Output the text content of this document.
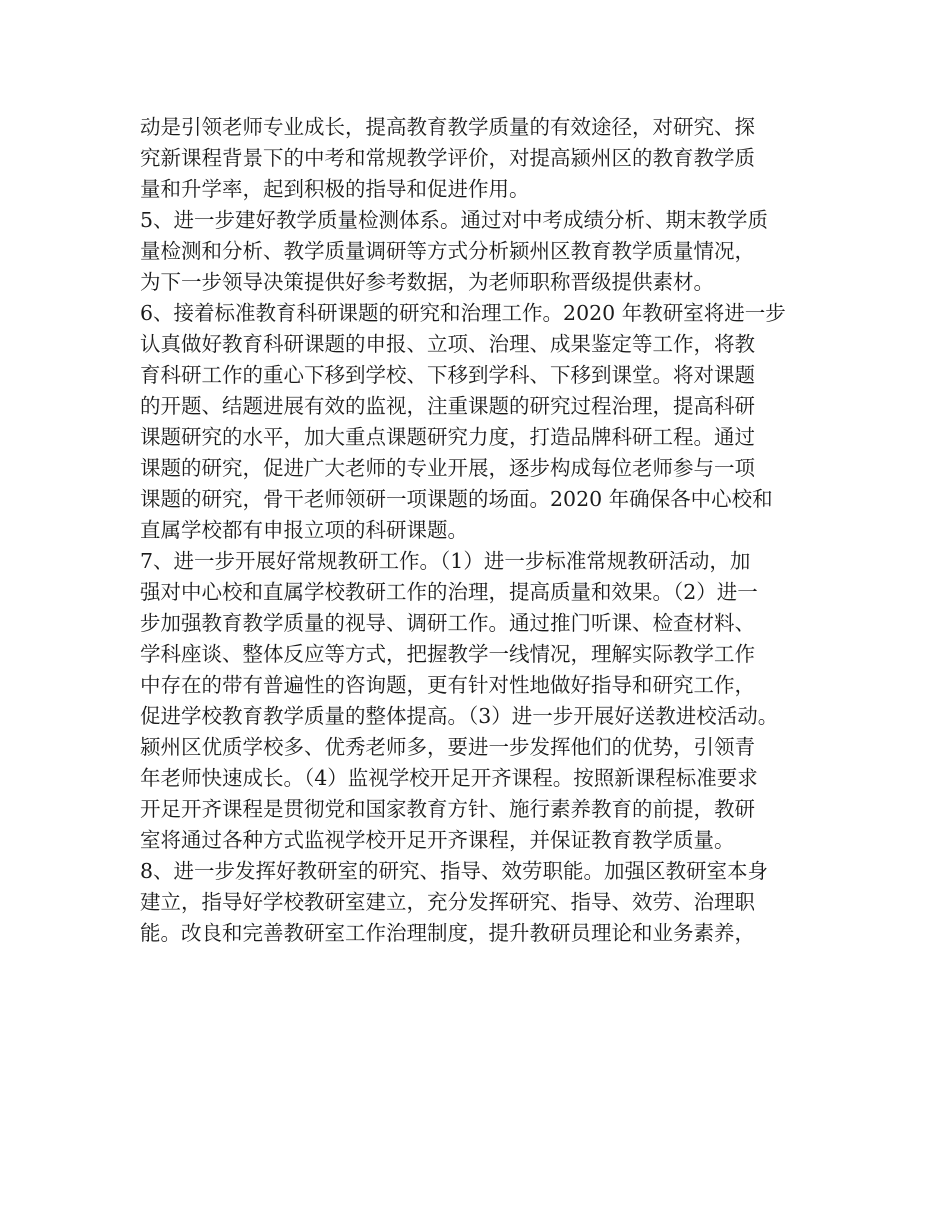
动是引领老师专业成长，提高教育教学质量的有效途径，对研究、探
究新课程背景下的中考和常规教学评价，对提高颍州区的教育教学质
量和升学率，起到积极的指导和促进作用。
5、进一步建好教学质量检测体系。通过对中考成绩分析、期末教学质
量检测和分析、教学质量调研等方式分析颍州区教育教学质量情况，
为下一步领导决策提供好参考数据，为老师职称晋级提供素材。
6、接着标准教育科研课题的研究和治理工作。2020 年教研室将进一步
认真做好教育科研课题的申报、立项、治理、成果鉴定等工作，将教
育科研工作的重心下移到学校、下移到学科、下移到课堂。将对课题
的开题、结题进展有效的监视，注重课题的研究过程治理，提高科研
课题研究的水平，加大重点课题研究力度，打造品牌科研工程。通过
课题的研究，促进广大老师的专业开展，逐步构成每位老师参与一项
课题的研究，骨干老师领研一项课题的场面。2020 年确保各中心校和
直属学校都有申报立项的科研课题。
7、进一步开展好常规教研工作。（1）进一步标准常规教研活动，加
强对中心校和直属学校教研工作的治理，提高质量和效果。（2）进一
步加强教育教学质量的视导、调研工作。通过推门听课、检查材料、
学科座谈、整体反应等方式，把握教学一线情况，理解实际教学工作
中存在的带有普遍性的咨询题，更有针对性地做好指导和研究工作，
促进学校教育教学质量的整体提高。（3）进一步开展好送教进校活动。
颍州区优质学校多、优秀老师多，要进一步发挥他们的优势，引领青
年老师快速成长。（4）监视学校开足开齐课程。按照新课程标准要求
开足开齐课程是贯彻党和国家教育方针、施行素养教育的前提，教研
室将通过各种方式监视学校开足开齐课程，并保证教育教学质量。
8、进一步发挥好教研室的研究、指导、效劳职能。加强区教研室本身
建立，指导好学校教研室建立，充分发挥研究、指导、效劳、治理职
能。改良和完善教研室工作治理制度，提升教研员理论和业务素养，
